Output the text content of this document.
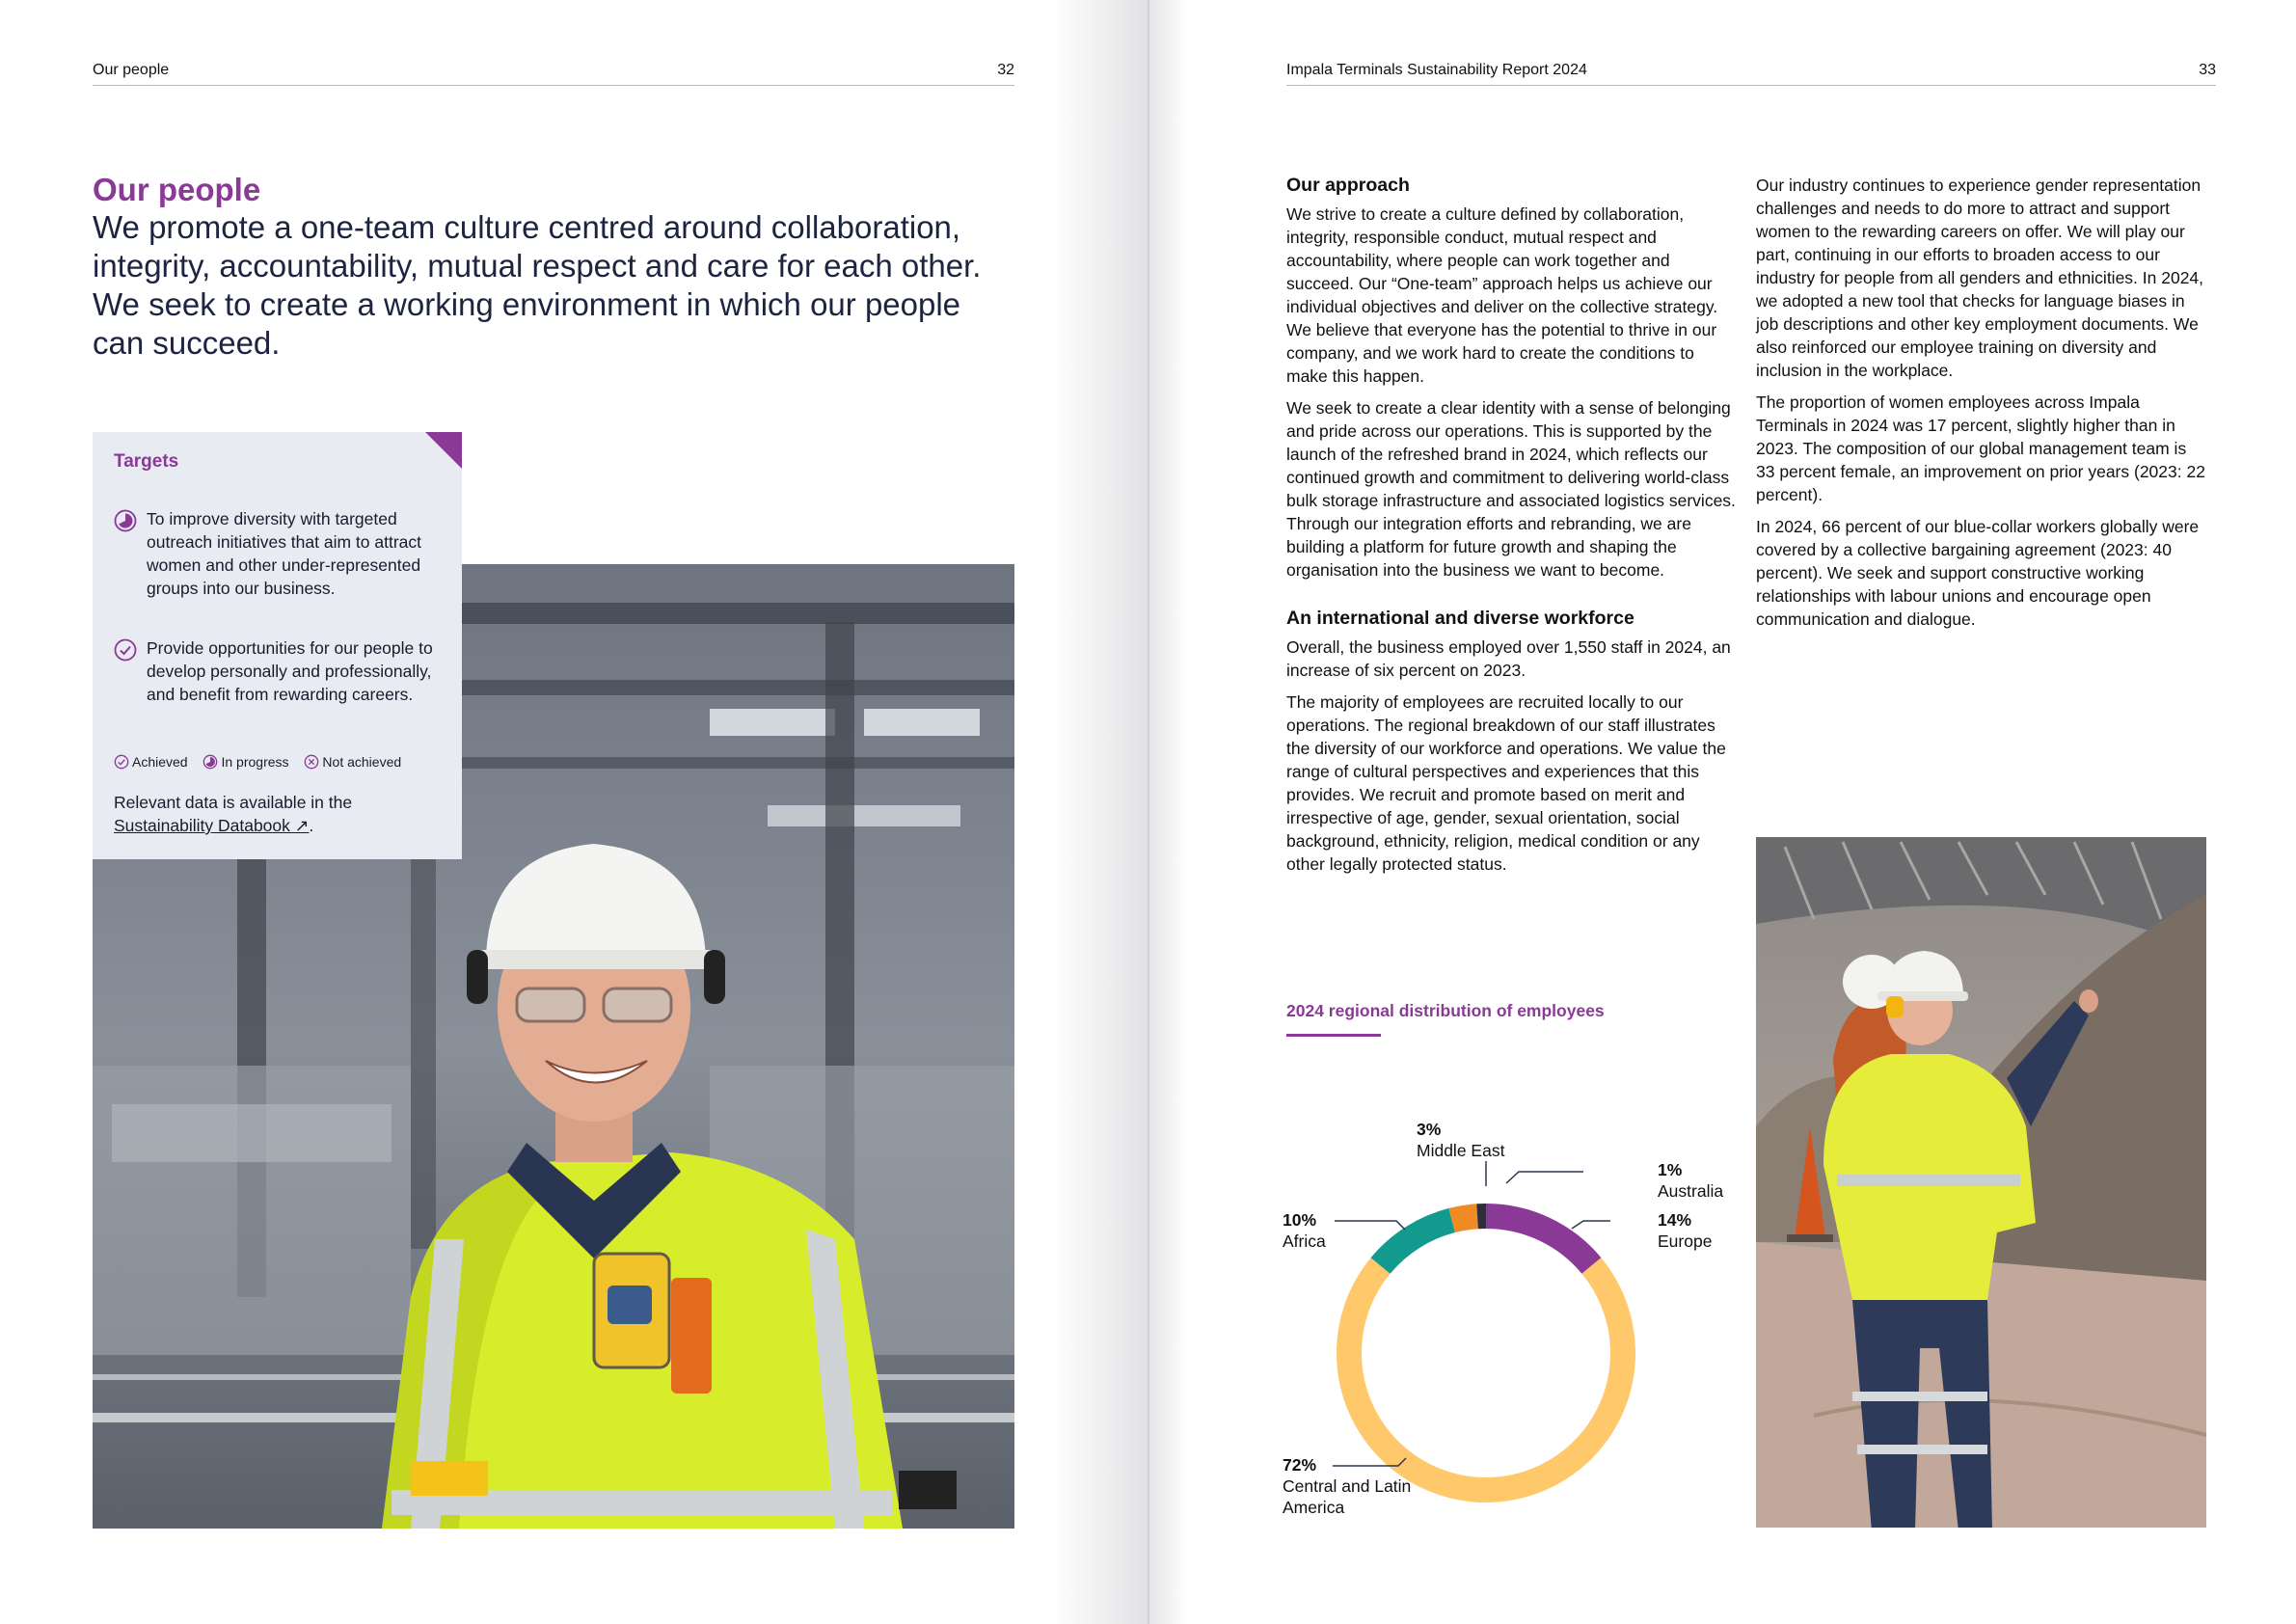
Our people	32
Our people
We promote a one-team culture centred around collaboration, integrity, accountability, mutual respect and care for each other. We seek to create a working environment in which our people can succeed.
Targets
To improve diversity with targeted outreach initiatives that aim to attract women and other under-represented groups into our business.
Provide opportunities for our people to develop personally and professionally, and benefit from rewarding careers.
Achieved In progress Not achieved
Relevant data is available in the
Sustainability Databook ↗.
Impala Terminals Sustainability Report 2024	33
Our approach

We strive to create a culture defined by collaboration, integrity, responsible conduct, mutual respect and accountability, where people can work together and succeed. Our “One-team” approach helps us achieve our individual objectives and deliver on the collective strategy. We believe that everyone has the potential to thrive in our company, and we work hard to create the conditions to make this happen.

We seek to create a clear identity with a sense of belonging and pride across our operations. This is supported by the launch of the refreshed brand in 2024, which reflects our continued growth and commitment to delivering world-class bulk storage infrastructure and associated logistics services. Through our integration efforts and rebranding, we are building a platform for future growth and shaping the organisation into the business we want to become.

An international and diverse workforce

Overall, the business employed over 1,550 staff in 2024, an increase of six percent on 2023.

The majority of employees are recruited locally to our operations. The regional breakdown of our staff illustrates the diversity of our workforce and operations. We value the range of cultural perspectives and experiences that this provides. We recruit and promote based on merit and irrespective of age, gender, sexual orientation, social background, ethnicity, religion, medical condition or any other legally protected status.

Our industry continues to experience gender representation challenges and needs to do more to attract and support women to the rewarding careers on offer. We will play our part, continuing in our efforts to broaden access to our industry for people from all genders and ethnicities. In 2024, we adopted a new tool that checks for language biases in job descriptions and other key employment documents. We also reinforced our employee training on diversity and inclusion in the workplace.

The proportion of women employees across Impala Terminals in 2024 was 17 percent, slightly higher than in 2023. The composition of our global management team is 33 percent female, an improvement on prior years (2023: 22 percent).

In 2024, 66 percent of our blue-collar workers globally were covered by a collective bargaining agreement (2023: 40 percent). We seek and support constructive working relationships with labour unions and encourage open communication and dialogue.

2024 regional distribution of employees
3%
Middle East
1%
Australia
14%
Europe
10%
Africa
72%
Central and Latin America
